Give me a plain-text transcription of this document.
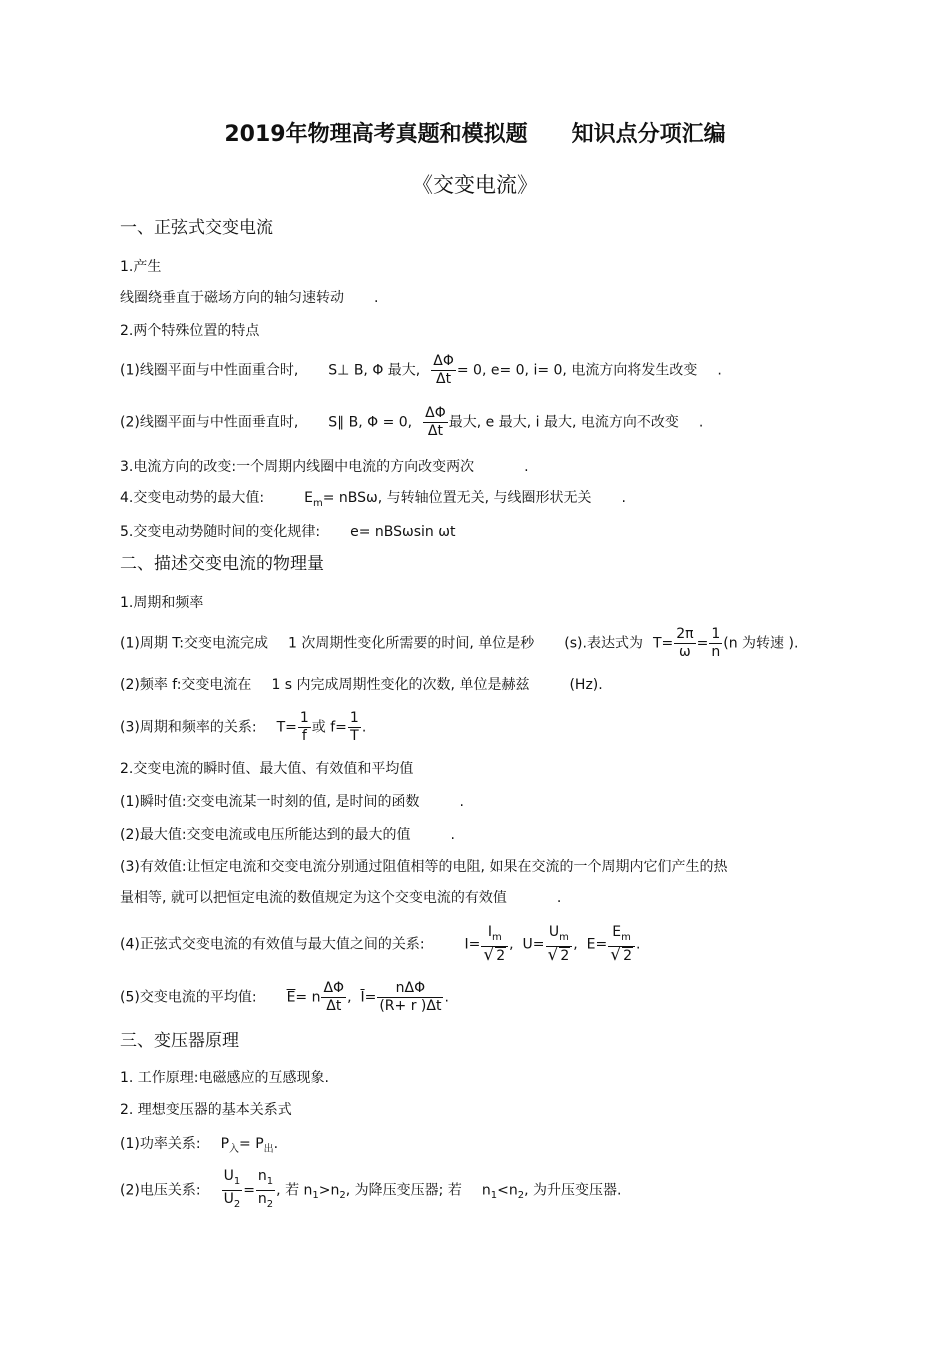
2019年物理高考真题和模拟题 知识点分项汇编
《交变电流》
一、正弦式交变电流
1.产生
线圈绕垂直于磁场方向的轴匀速转动 .
2.两个特殊位置的特点
(1)线圈平面与中性面重合时, S⊥ B, Φ 最大, $\frac{\Delta\Phi}{\Delta t} = 0$, e= 0, i= 0, 电流方向将发生改变 .
(2)线圈平面与中性面垂直时, S∥ B, Φ = 0, $\frac{\Delta\Phi}{\Delta t}$ 最大, e 最大, i 最大, 电流方向不改变 .
3.电流方向的改变:一个周期内线圈中电流的方向改变两次	.
4.交变电动势的最大值:	$E_m= nBS\omega$, 与转轴位置无关, 与线圈形状无关 .
5.交变电动势随时间的变化规律: e= nBSωsin ωt
二、描述交变电流的物理量
1.周期和频率
(1)周期 T:交变电流完成 1 次周期性变化所需要的时间, 单位是秒 (s).表达式为 $T= \frac{2\pi}{\omega} = \frac{1}{n} (n$ 为转速 ).
(2)频率 f:交变电流在 1 s 内完成周期性变化的次数, 单位是赫兹	(Hz).
(3)周期和频率的关系: $T= \frac{1}{f}$ 或 $f= \frac{1}{T}$ .
2.交变电流的瞬时值、最大值、有效值和平均值
(1)瞬时值:交变电流某一时刻的值, 是时间的函数	.
(2)最大值:交变电流或电压所能达到的最大的值	.
(3)有效值:让恒定电流和交变电流分别通过阻值相等的电阻, 如果在交流的一个周期内它们产生的热
量相等, 就可以把恒定电流的数值规定为这个交变电流的有效值	.
(4)正弦式交变电流的有效值与最大值之间的关系:	$I= \frac{I_m}{√ 2}$ ,  $U= \frac{U_m}{√ 2}$ ,  $E= \frac{E_m}{√ 2}$ .
(5)交变电流的平均值: $\overline{E}= n \frac{\Delta\Phi}{\Delta t}$ ,  $\overline{I}= \frac{\text{nΔΦ}}{(R+ r )\Delta t}$ .
三、变压器原理
1. 工作原理:电磁感应的互感现象.
2. 理想变压器的基本关系式
(1)功率关系: $P_入= P_出$.
(2)电压关系: $\frac{U_1}{U_2} = \frac{n_1}{n_2}$ , 若 $n_1>n_2$, 为降压变压器; 若 $n_1<n_2$, 为升压变压器.
